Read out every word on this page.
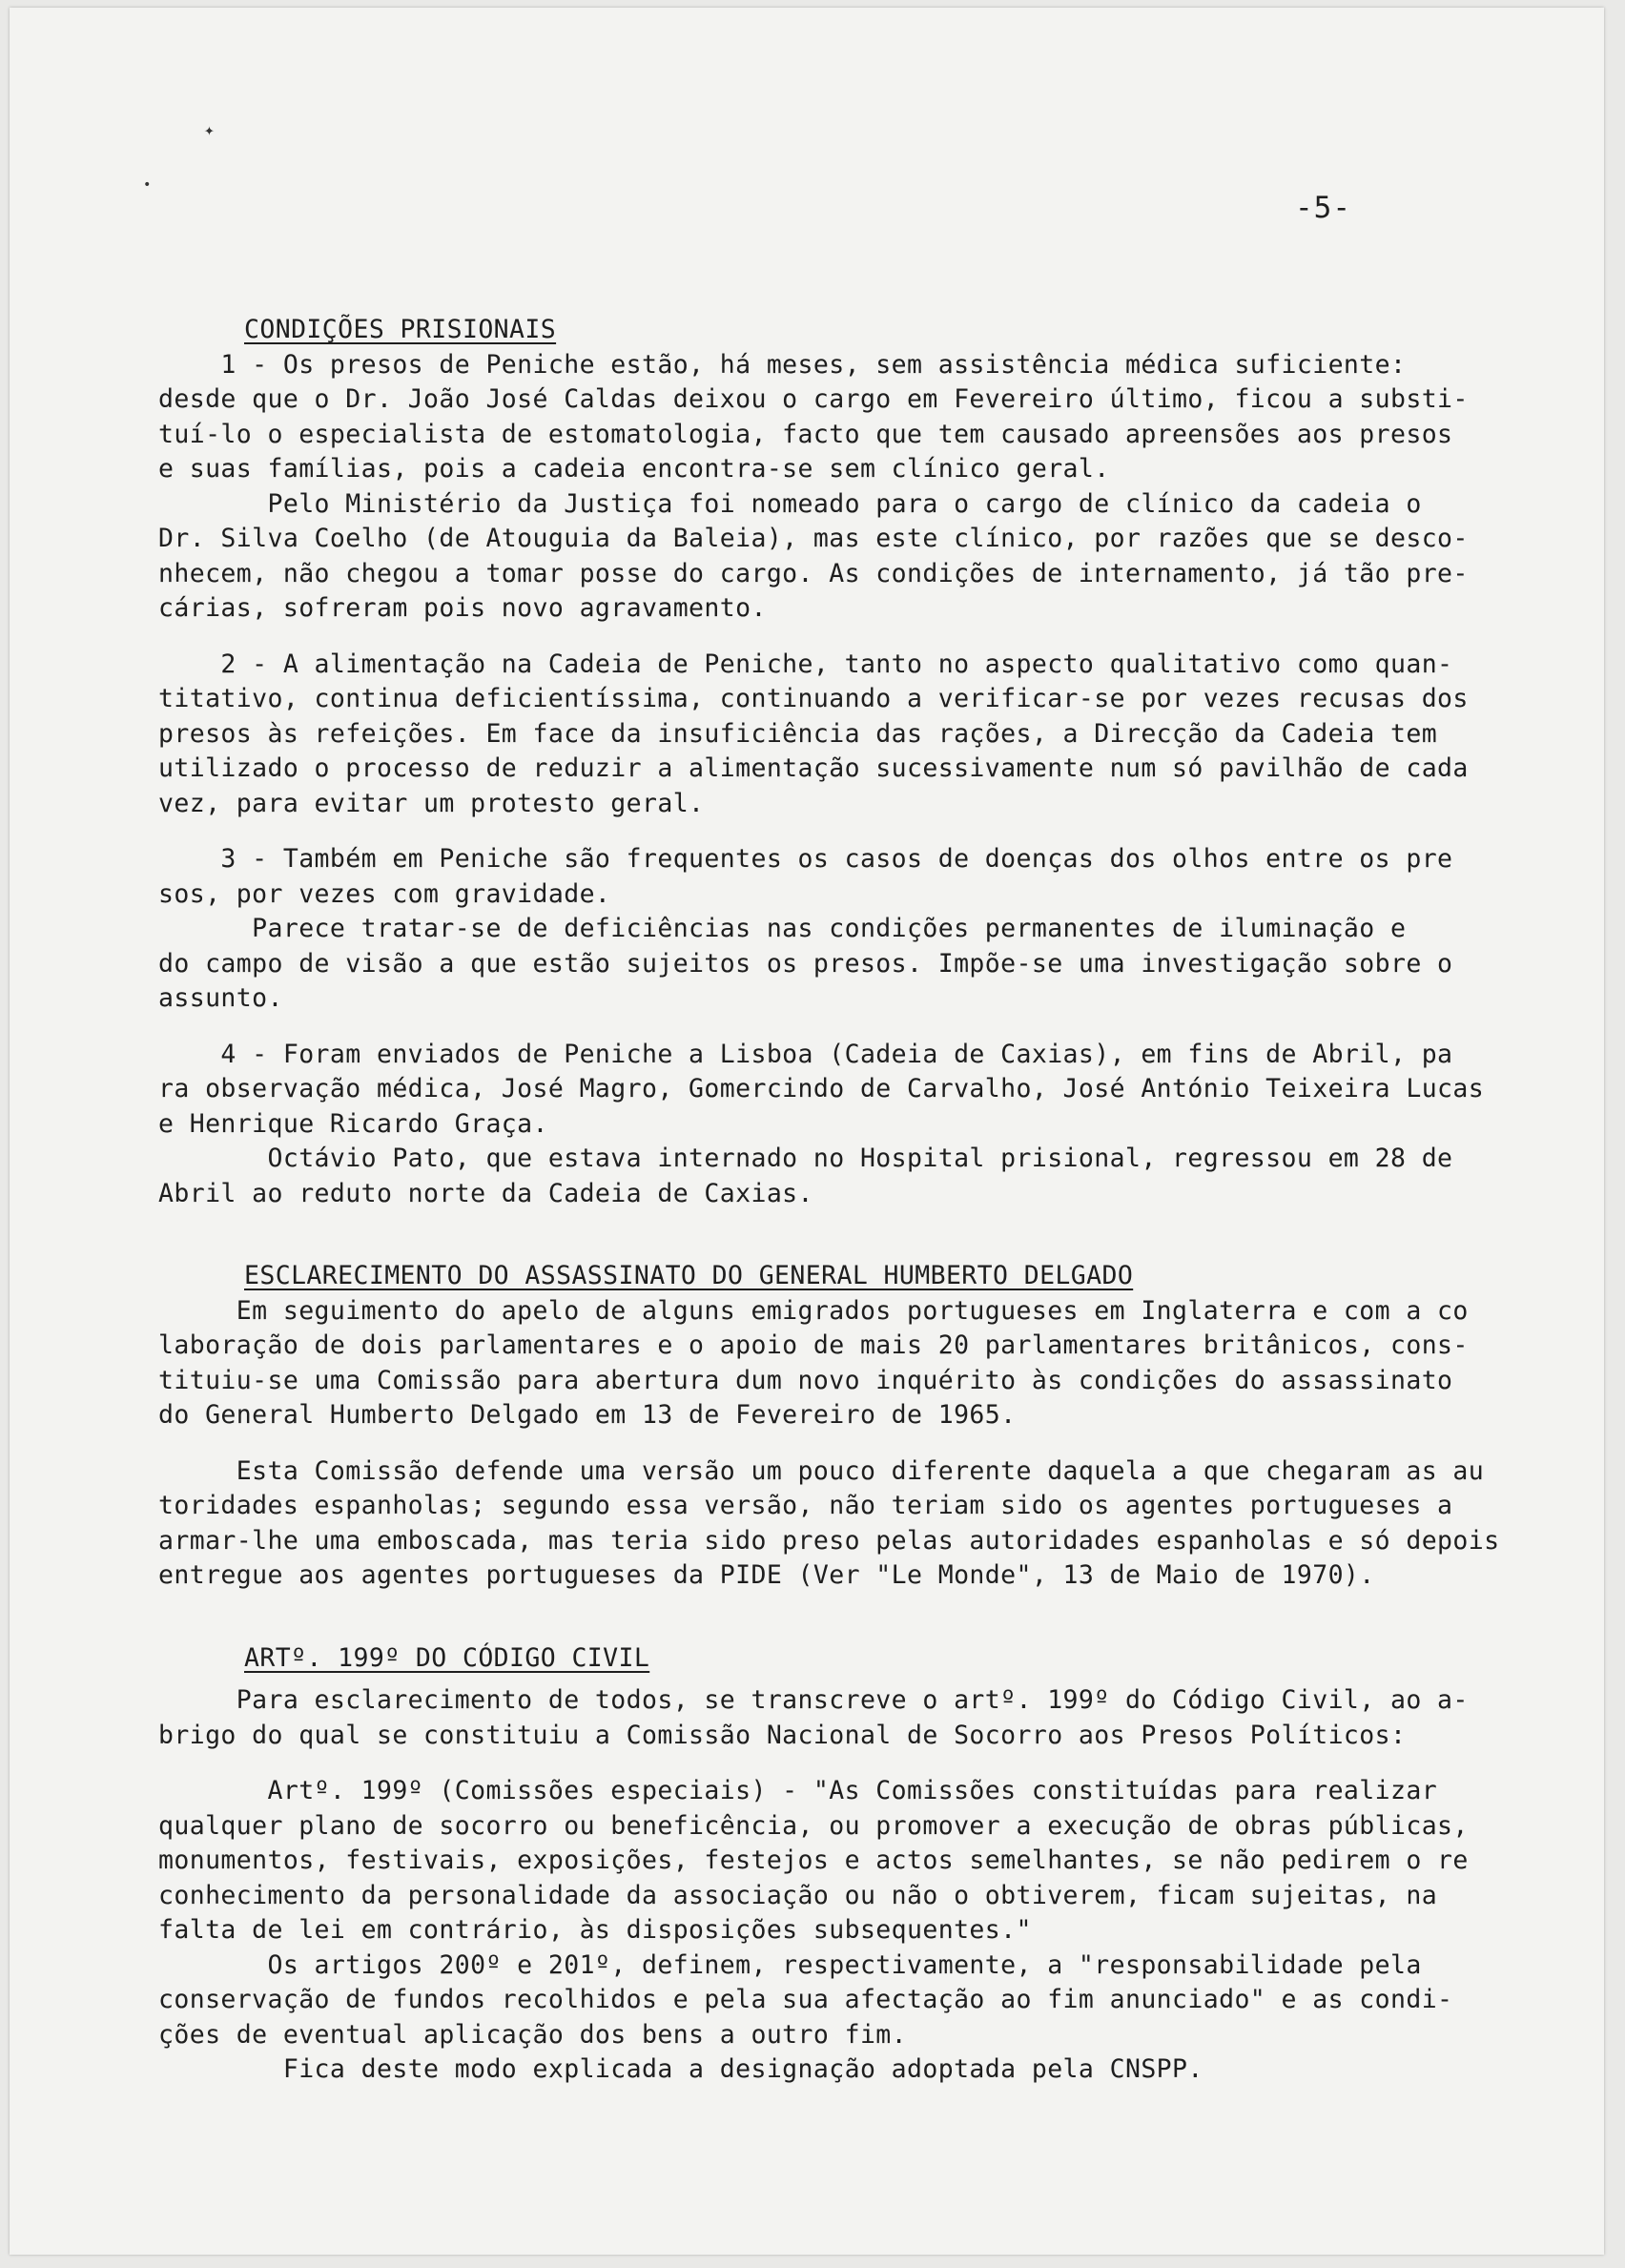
✦
•
-5-
CONDIÇÕES PRISIONAIS
1 - Os presos de Peniche estão, há meses, sem assistência médica suficiente:
desde que o Dr. João José Caldas deixou o cargo em Fevereiro último, ficou a substi-
tuí-lo o especialista de estomatologia, facto que tem causado apreensões aos presos
e suas famílias, pois a cadeia encontra-se sem clínico geral.
Pelo Ministério da Justiça foi nomeado para o cargo de clínico da cadeia o
Dr. Silva Coelho (de Atouguia da Baleia), mas este clínico, por razões que se desco-
nhecem, não chegou a tomar posse do cargo. As condições de internamento, já tão pre-
cárias, sofreram pois novo agravamento.
2 - A alimentação na Cadeia de Peniche, tanto no aspecto qualitativo como quan-
titativo, continua deficientíssima, continuando a verificar-se por vezes recusas dos
presos às refeições. Em face da insuficiência das rações, a Direcção da Cadeia tem
utilizado o processo de reduzir a alimentação sucessivamente num só pavilhão de cada
vez, para evitar um protesto geral.
3 - Também em Peniche são frequentes os casos de doenças dos olhos entre os pre
sos, por vezes com gravidade.
Parece tratar-se de deficiências nas condições permanentes de iluminação e
do campo de visão a que estão sujeitos os presos. Impõe-se uma investigação sobre o
assunto.
4 - Foram enviados de Peniche a Lisboa (Cadeia de Caxias), em fins de Abril, pa
ra observação médica, José Magro, Gomercindo de Carvalho, José António Teixeira Lucas
e Henrique Ricardo Graça.
Octávio Pato, que estava internado no Hospital prisional, regressou em 28 de
Abril ao reduto norte da Cadeia de Caxias.
ESCLARECIMENTO DO ASSASSINATO DO GENERAL HUMBERTO DELGADO
Em seguimento do apelo de alguns emigrados portugueses em Inglaterra e com a co
laboração de dois parlamentares e o apoio de mais 20 parlamentares britânicos, cons-
tituiu-se uma Comissão para abertura dum novo inquérito às condições do assassinato
do General Humberto Delgado em 13 de Fevereiro de 1965.
Esta Comissão defende uma versão um pouco diferente daquela a que chegaram as au
toridades espanholas; segundo essa versão, não teriam sido os agentes portugueses a
armar-lhe uma emboscada, mas teria sido preso pelas autoridades espanholas e só depois
entregue aos agentes portugueses da PIDE (Ver "Le Monde", 13 de Maio de 1970).
ARTº. 199º DO CÓDIGO CIVIL
Para esclarecimento de todos, se transcreve o artº. 199º do Código Civil, ao a-
brigo do qual se constituiu a Comissão Nacional de Socorro aos Presos Políticos:
Artº. 199º (Comissões especiais) - "As Comissões constituídas para realizar
qualquer plano de socorro ou beneficência, ou promover a execução de obras públicas,
monumentos, festivais, exposições, festejos e actos semelhantes, se não pedirem o re
conhecimento da personalidade da associação ou não o obtiverem, ficam sujeitas, na
falta de lei em contrário, às disposições subsequentes."
Os artigos 200º e 201º, definem, respectivamente, a "responsabilidade pela
conservação de fundos recolhidos e pela sua afectação ao fim anunciado" e as condi-
ções de eventual aplicação dos bens a outro fim.
Fica deste modo explicada a designação adoptada pela CNSPP.
